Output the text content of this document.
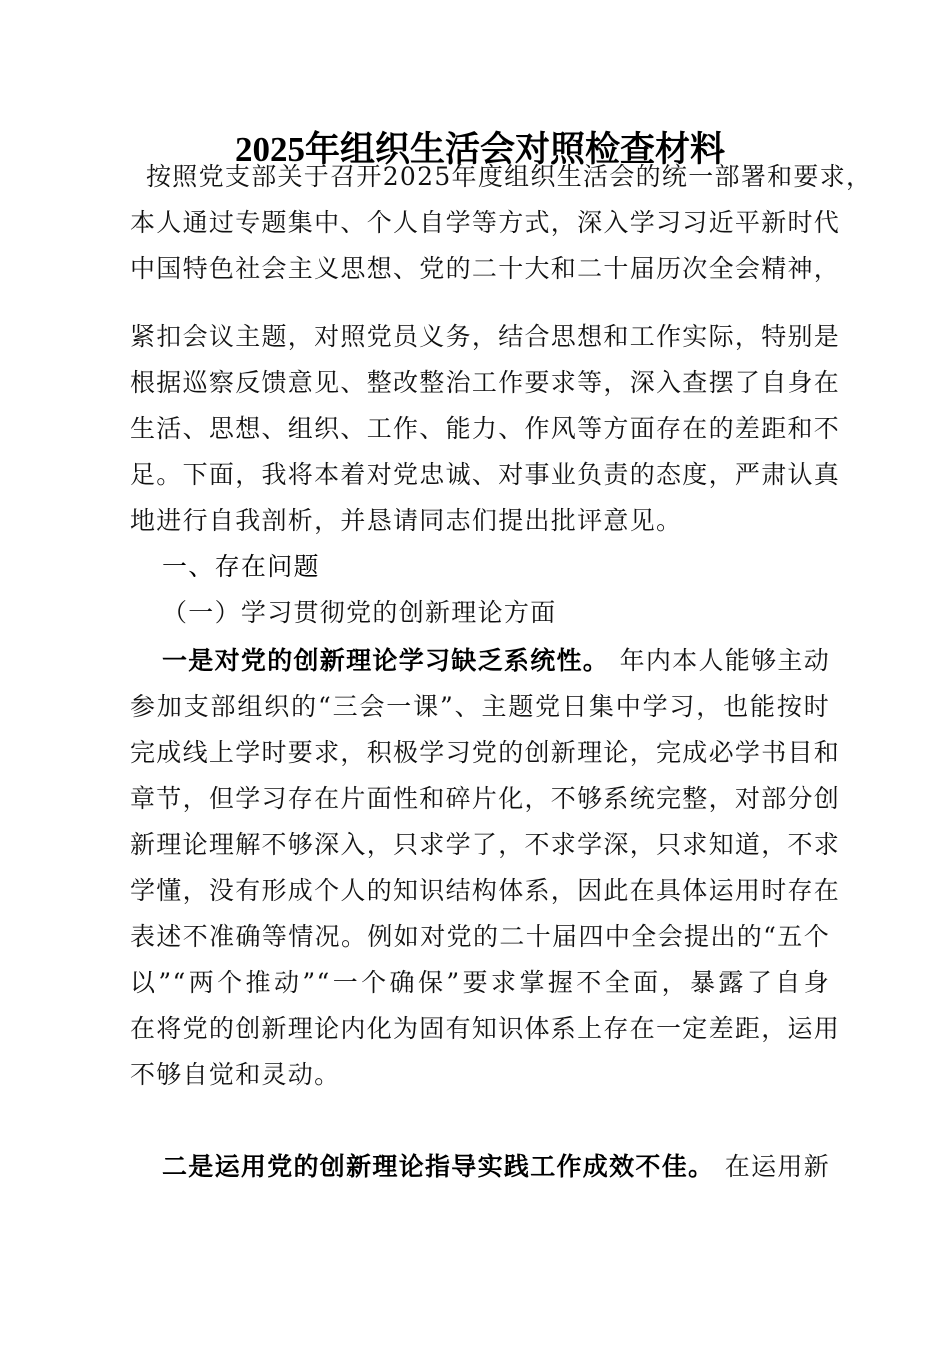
2025年组织生活会对照检查材料
按照党支部关于召开2025年度组织生活会的统一部署和要求，
本人通过专题集中、个人自学等方式，深入学习习近平新时代
中国特色社会主义思想、党的二十大和二十届历次全会精神，
紧扣会议主题，对照党员义务，结合思想和工作实际，特别是
根据巡察反馈意见、整改整治工作要求等，深入查摆了自身在
生活、思想、组织、工作、能力、作风等方面存在的差距和不
足。下面，我将本着对党忠诚、对事业负责的态度，严肃认真
地进行自我剖析，并恳请同志们提出批评意见。
一、存在问题
（一）学习贯彻党的创新理论方面
一是对党的创新理论学习缺乏系统性。 年内本人能够主动
参加支部组织的“三会一课”、主题党日集中学习，也能按时
完成线上学时要求，积极学习党的创新理论，完成必学书目和
章节，但学习存在片面性和碎片化，不够系统完整，对部分创
新理论理解不够深入，只求学了，不求学深，只求知道，不求
学懂，没有形成个人的知识结构体系，因此在具体运用时存在
表述不准确等情况。例如对党的二十届四中全会提出的“五个
以”“两个推动”“一个确保”要求掌握不全面，暴露了自身
在将党的创新理论内化为固有知识体系上存在一定差距，运用
不够自觉和灵动。
二是运用党的创新理论指导实践工作成效不佳。 在运用新
